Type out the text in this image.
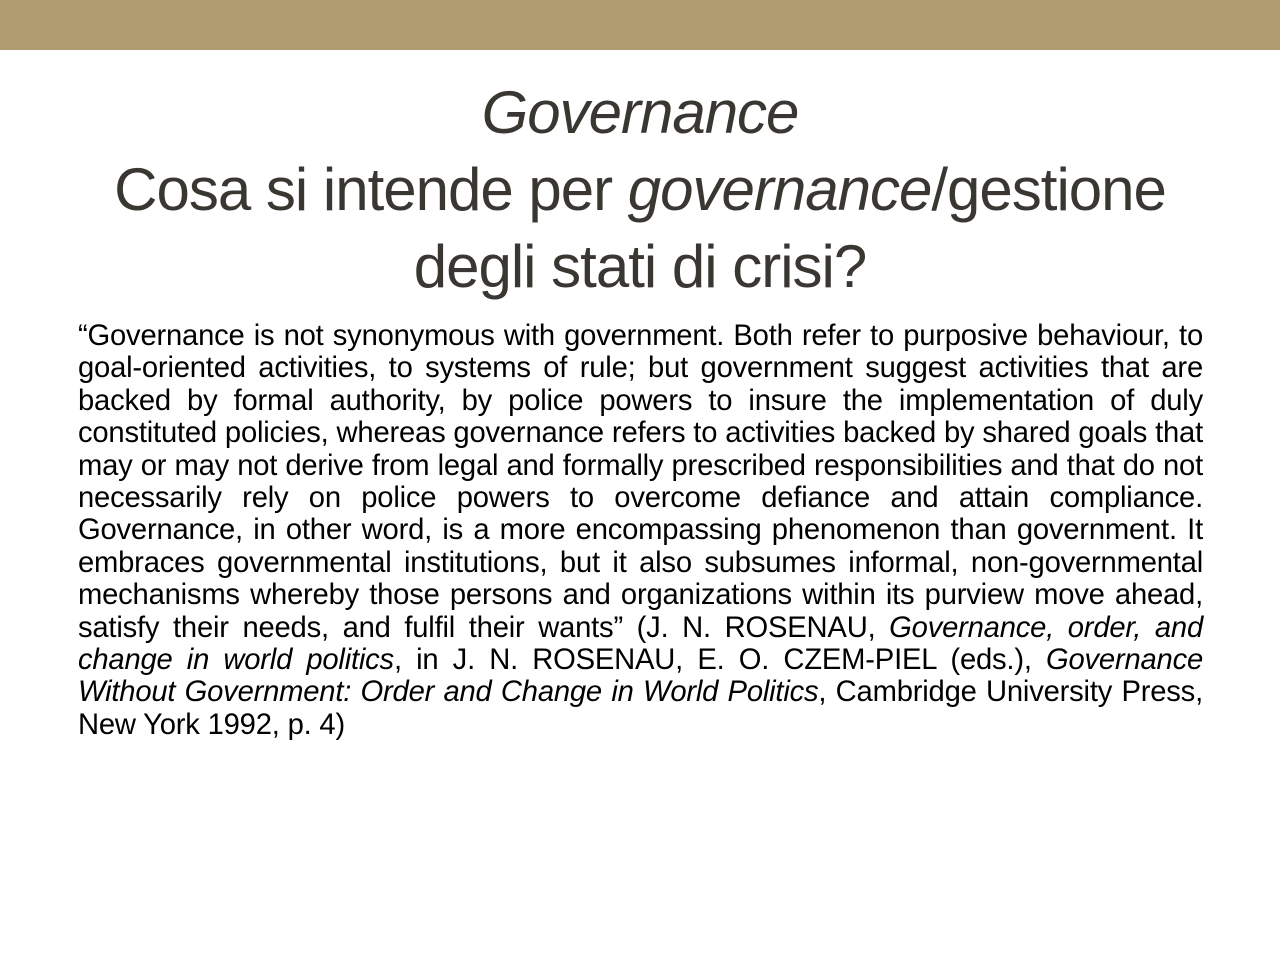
Governance
Cosa si intende per governance/gestione
degli stati di crisi?

“Governance is not synonymous with government. Both refer to purposive behaviour, to goal-oriented activities, to systems of rule; but government suggest activities that are backed by formal authority, by police powers to insure the implementation of duly constituted policies, whereas governance refers to activities backed by shared goals that may or may not derive from legal and formally prescribed responsibilities and that do not necessarily rely on police powers to overcome defiance and attain compliance. Governance, in other word, is a more encompassing phenomenon than government. It embraces governmental institutions, but it also subsumes informal, non-governmental mechanisms whereby those persons and organizations within its purview move ahead, satisfy their needs, and fulfil their wants” (J. N. ROSENAU, Governance, order, and change in world politics, in J. N. ROSENAU, E. O. CZEM-PIEL (eds.), Governance Without Government: Order and Change in World Politics, Cambridge University Press, New York 1992, p. 4)
